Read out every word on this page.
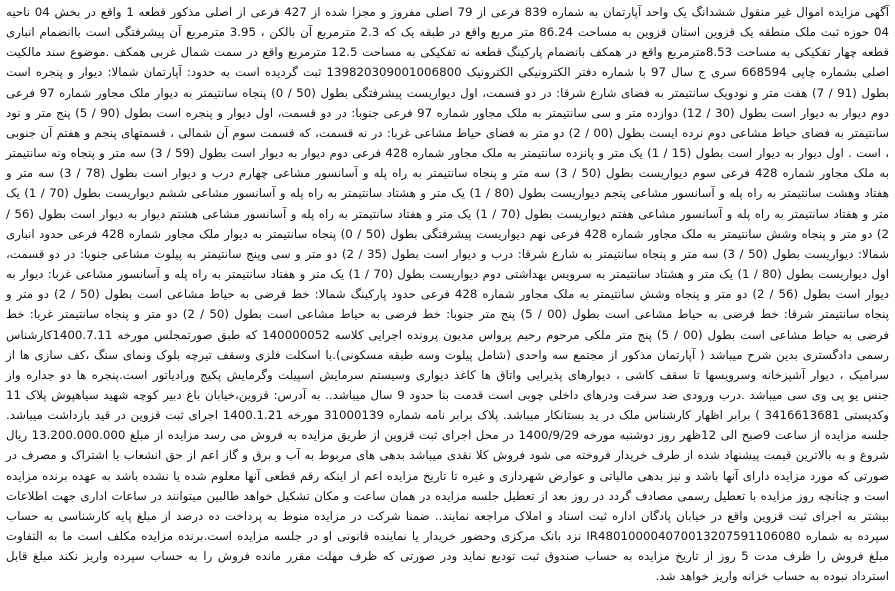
آگهی مزایده اموال غیر منقول ششدانگ یک واحد آپارتمان به شماره 839 فرعی از 79 اصلی مفروز و مجزا شده از 427 فرعی از اصلی مذکور قطعه 1 واقع در بخش 04 ناحیه 04 حوزه ثبت ملک منطقه یک قزوین استان قزوین به مساحت 86.24 متر مربع واقع در طبقه یک که 2.3 مترمربع آن بالکن ، 3.95 مترمربع آن پیشرفتگی است باانضمام انباری قطعه چهار تفکیکی به مساحت 8.53مترمربع واقع در همکف بانضمام پارکینگ قطعه نه تفکیکی به مساحت 12.5 مترمربع واقع در سمت شمال غربی همکف .موضوع سند مالکیت اصلی بشماره چاپی 668594 سری ج سال 97 با شماره دفتر الکترونیکی الکترونیک 139820309001006800 ثبت گردیده است به حدود: آپارتمان شمالا: دیوار و پنجره است بطول (91 / 7) هفت متر و نودویک سانتیمتر به فضای شارع شرقا: در دو قسمت، اول دیواریست پیشرفتگی بطول (50 / 0) پنجاه سانتیمتر به دیوار ملک مجاور شماره 97 فرعی دوم دیوار به دیوار است بطول (30 / 12) دوازده متر و سی سانتیمتر به ملک مجاور شماره 97 فرعی جنوبا: در دو قسمت، اول دیوار و پنجره است بطول (90 / 5) پنج متر و نود سانتیمتر به فضای حیاط مشاعی دوم نرده ایست بطول (00 / 2) دو متر به فضای حیاط مشاعی غربا: در نه قسمت، که قسمت سوم آن شمالی ، قسمتهای پنجم و هفتم آن جنوبی ، است . اول دیوار به دیوار است بطول (15 / 1) یک متر و پانزده سانتیمتر به ملک مجاور شماره 428 فرعی دوم دیوار به دیوار است بطول (59 / 3) سه متر و پنجاه ونه سانتیمتر به ملک مجاور شماره 428 فرعی سوم دیواریست بطول (50 / 3) سه متر و پنجاه سانتیمتر به راه پله و آسانسور مشاعی چهارم درب و دیوار است بطول (78 / 3) سه متر و هفتاد وهشت سانتیمتر به راه پله و آسانسور مشاعی پنجم دیواریست بطول (80 / 1) یک متر و هشتاد سانتیمتر به راه پله و آسانسور مشاعی ششم دیواریست بطول (70 / 1) یک متر و هفتاد سانتیمتر به راه پله و آسانسور مشاعی هفتم دیواریست بطول (70 / 1) یک متر و هفتاد سانتیمتر به راه پله و آسانسور مشاعی هشتم دیوار به دیوار است بطول (56 / 2) دو متر و پنجاه وشش سانتیمتر به ملک مجاور شماره 428 فرعی نهم دیواریست پیشرفتگی بطول (50 / 0) پنجاه سانتیمتر به دیوار ملک مجاور شماره 428 فرعی حدود انباری شمالا: دیواریست بطول (50 / 3) سه متر و پنجاه سانتیمتر به شارع شرقا: درب و دیوار است بطول (35 / 2) دو متر و سی وپنج سانتیمتر به پیلوت مشاعی جنوبا: در دو قسمت، اول دیواریست بطول (80 / 1) یک متر و هشتاد سانتیمتر به سرویس بهداشتی دوم دیواریست بطول (70 / 1) یک متر و هفتاد سانتیمتر به راه پله و آسانسور مشاعی غربا: دیوار به دیوار است بطول (56 / 2) دو متر و پنجاه وشش سانتیمتر به ملک مجاور شماره 428 فرعی حدود پارکینگ شمالا: خط فرضی به حیاط مشاعی است بطول (50 / 2) دو متر و پنجاه سانتیمتر شرقا: خط فرضی به حیاط مشاعی است بطول (00 / 5) پنج متر جنوبا: خط فرضی به حیاط مشاعی است بطول (50 / 2) دو متر و پنجاه سانتیمتر غربا: خط فرضی به حیاط مشاعی است بطول (00 / 5) پنج متر ملکی مرحوم رحیم پرواس مدیون پرونده اجرایی کلاسه 140000052 که طبق صورتمجلس مورخه 1400.7.11کارشناس رسمی دادگستری بدین شرح میباشد ( آپارتمان مذکور از مجتمع سه واحدی (شامل پیلوت وسه طبقه مسکونی).با اسکلت فلزی وسقف تیرچه بلوک ونمای سنگ ،کف سازی ها از سرامیک ، دیوار آشپزخانه وسرویسها تا سقف کاشی ، دیوارهای پذیرایی واتاق ها کاغذ دیواری وسیستم سرمایش اسپیلت وگرمایش پکیج ورادیاتور است.پنجره ها دو جداره واز جنس یو پی وی سی میباشد .درب ورودی ضد سرقت ودرهای داخلی چوبی است قدمت بنا حدود 9 سال میباشد.. به آدرس: قزوین،خیابان باغ دبیر کوچه شهید سیاهپوش پلاک 11 وکدپستی 3416613681 ) برابر اظهار کارشناس ملک در ید بستانکار میباشد. پلاک برابر نامه شماره 31000139 مورخه 1400.1.21 اجرای ثبت قزوین در قید بازداشت میباشد. جلسه مزایده از ساعت 9صبح الی 12ظهر روز دوشنبه مورخه 1400/9/29 در محل اجرای ثبت قزوین از طریق مزایده به فروش می رسد مزایده از مبلغ 13.200.000.000 ریال شروع و به بالاترین قیمت پیشنهاد شده از طرف خریدار فروخته می شود فروش کلا نقدی میباشد بدهی های مربوط به آب و برق و گاز اعم از حق انشعاب یا اشتراک و مصرف در صورتی که مورد مزایده دارای آنها باشد و نیز بدهی مالیاتی و عوارض شهرداری و غیره تا تاریخ مزایده اعم از اینکه رقم قطعی آنها معلوم شده یا نشده باشد به عهده برنده مزایده است و چنانچه روز مزایده با تعطیل رسمی مصادف گردد در روز بعد از تعطیل جلسه مزایده در همان ساعت و مکان تشکیل خواهد طالبین میتوانند در ساعات اداری جهت اطلاعات بیشتر به اجرای ثبت قزوین واقع در خیابان پادگان اداره ثبت اسناد و املاک مراجعه نمایند.. ضمنا شرکت در مزایده منوط به پرداخت ده درصد از مبلغ پایه کارشناسی به حساب سپرده به شماره IR480100004070013207591106080 نزد بانک مرکزی وحضور خریدار یا نماینده قانونی او در جلسه مزایده است.برنده مزایده مکلف است ما به التفاوت مبلغ فروش را ظرف مدت 5 روز از تاریخ مزایده به حساب صندوق ثبت تودیع نماید ودر صورتی که ظرف مهلت مقرر مانده فروش را به حساب سپرده واریز نکند مبلغ قابل استرداد نبوده به حساب خزانه واریز خواهد شد.
